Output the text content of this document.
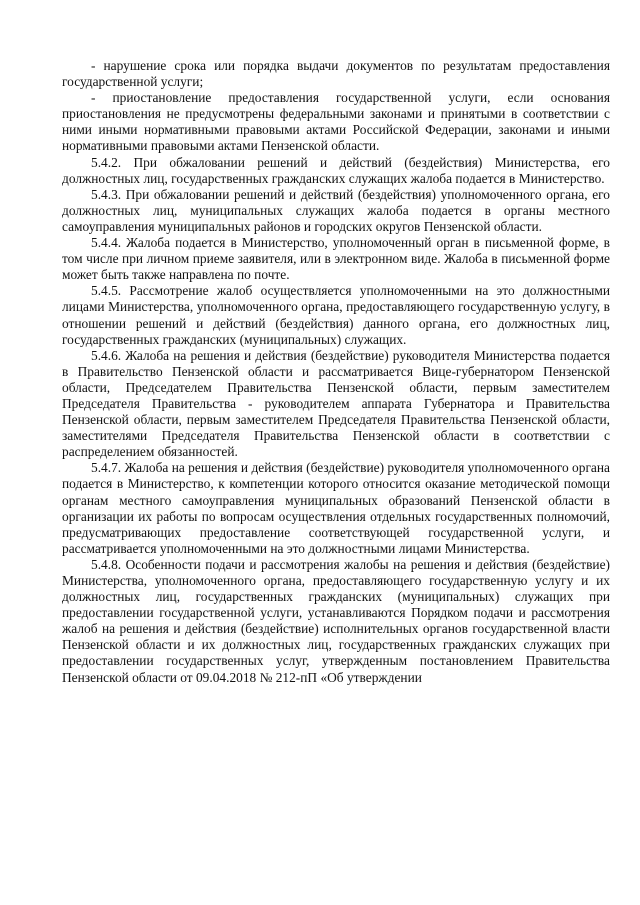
- нарушение срока или порядка выдачи документов по результатам предоставления государственной услуги;

- приостановление предоставления государственной услуги, если основания приостановления не предусмотрены федеральными законами и принятыми в соответствии с ними иными нормативными правовыми актами Российской Федерации, законами и иными нормативными правовыми актами Пензенской области.

5.4.2. При обжаловании решений и действий (бездействия) Министерства, его должностных лиц, государственных гражданских служащих жалоба подается в Министерство.

5.4.3. При обжаловании решений и действий (бездействия) уполномоченного органа, его должностных лиц, муниципальных служащих жалоба подается в органы местного самоуправления муниципальных районов и городских округов Пензенской области.

5.4.4. Жалоба подается в Министерство, уполномоченный орган в письменной форме, в том числе при личном приеме заявителя, или в электронном виде. Жалоба в письменной форме может быть также направлена по почте.

5.4.5. Рассмотрение жалоб осуществляется уполномоченными на это должностными лицами Министерства, уполномоченного органа, предоставляющего государственную услугу, в отношении решений и действий (бездействия) данного органа, его должностных лиц, государственных гражданских (муниципальных) служащих.

5.4.6. Жалоба на решения и действия (бездействие) руководителя Министерства подается в Правительство Пензенской области и рассматривается Вице-губернатором Пензенской области, Председателем Правительства Пензенской области, первым заместителем Председателя Правительства - руководителем аппарата Губернатора и Правительства Пензенской области, первым заместителем Председателя Правительства Пензенской области, заместителями Председателя Правительства Пензенской области в соответствии с распределением обязанностей.

5.4.7. Жалоба на решения и действия (бездействие) руководителя уполномоченного органа подается в Министерство, к компетенции которого относится оказание методической помощи органам местного самоуправления муниципальных образований Пензенской области в организации их работы по вопросам осуществления отдельных государственных полномочий, предусматривающих предоставление соответствующей государственной услуги, и рассматривается уполномоченными на это должностными лицами Министерства.

5.4.8. Особенности подачи и рассмотрения жалобы на решения и действия (бездействие) Министерства, уполномоченного органа, предоставляющего государственную услугу и их должностных лиц, государственных гражданских (муниципальных) служащих при предоставлении государственной услуги, устанавливаются Порядком подачи и рассмотрения жалоб на решения и действия (бездействие) исполнительных органов государственной власти Пензенской области и их должностных лиц, государственных гражданских служащих при предоставлении государственных услуг, утвержденным постановлением Правительства Пензенской области от 09.04.2018 № 212-пП «Об утверждении
